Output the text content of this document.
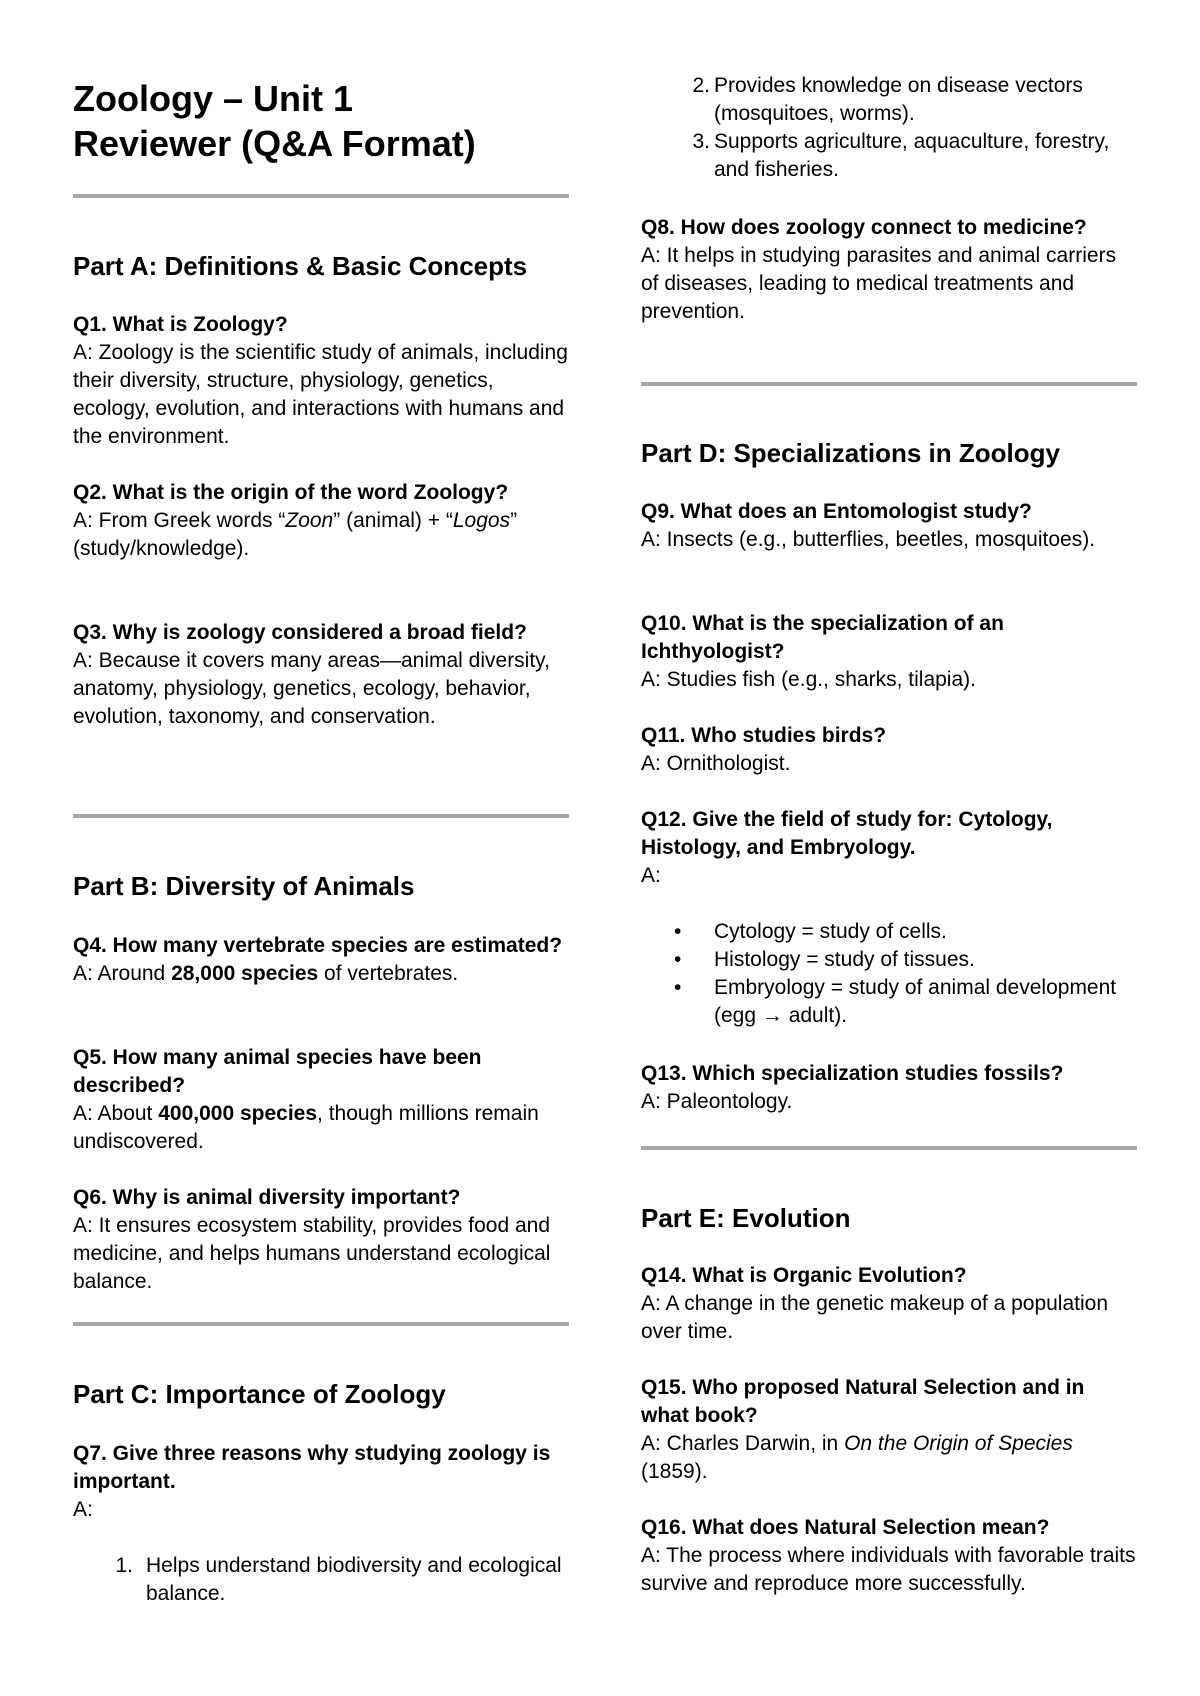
Zoology – Unit 1

Reviewer (Q&A Format)

Part A: Definitions & Basic Concepts

Q1. What is Zoology?

A: Zoology is the scientific study of animals, including their diversity, structure, physiology, genetics, ecology, evolution, and interactions with humans and the environment.

Q2. What is the origin of the word Zoology?

A: From Greek words “Zoon” (animal) + “Logos” (study/knowledge).

Q3. Why is zoology considered a broad field?

A: Because it covers many areas—animal diversity, anatomy, physiology, genetics, ecology, behavior, evolution, taxonomy, and conservation.

Part B: Diversity of Animals

Q4. How many vertebrate species are estimated?

A: Around 28,000 species of vertebrates.

Q5. How many animal species have been described?

A: About 400,000 species, though millions remain undiscovered.

Q6. Why is animal diversity important?

A: It ensures ecosystem stability, provides food and medicine, and helps humans understand ecological balance.

Part C: Importance of Zoology

Q7. Give three reasons why studying zoology is important.

A:

1. Helps understand biodiversity and ecological balance.

2. Provides knowledge on disease vectors (mosquitoes, worms).

3. Supports agriculture, aquaculture, forestry, and fisheries.

Q8. How does zoology connect to medicine?

A: It helps in studying parasites and animal carriers of diseases, leading to medical treatments and prevention.

Part D: Specializations in Zoology

Q9. What does an Entomologist study?

A: Insects (e.g., butterflies, beetles, mosquitoes).

Q10. What is the specialization of an Ichthyologist?

A: Studies fish (e.g., sharks, tilapia).

Q11. Who studies birds?

A: Ornithologist.

Q12. Give the field of study for: Cytology, Histology, and Embryology.

A:

•	Cytology = study of cells.

•	Histology = study of tissues.

•	Embryology = study of animal development (egg → adult).

Q13. Which specialization studies fossils?

A: Paleontology.

Part E: Evolution

Q14. What is Organic Evolution?

A: A change in the genetic makeup of a population over time.

Q15. Who proposed Natural Selection and in what book?

A: Charles Darwin, in On the Origin of Species (1859).

Q16. What does Natural Selection mean?

A: The process where individuals with favorable traits survive and reproduce more successfully.
